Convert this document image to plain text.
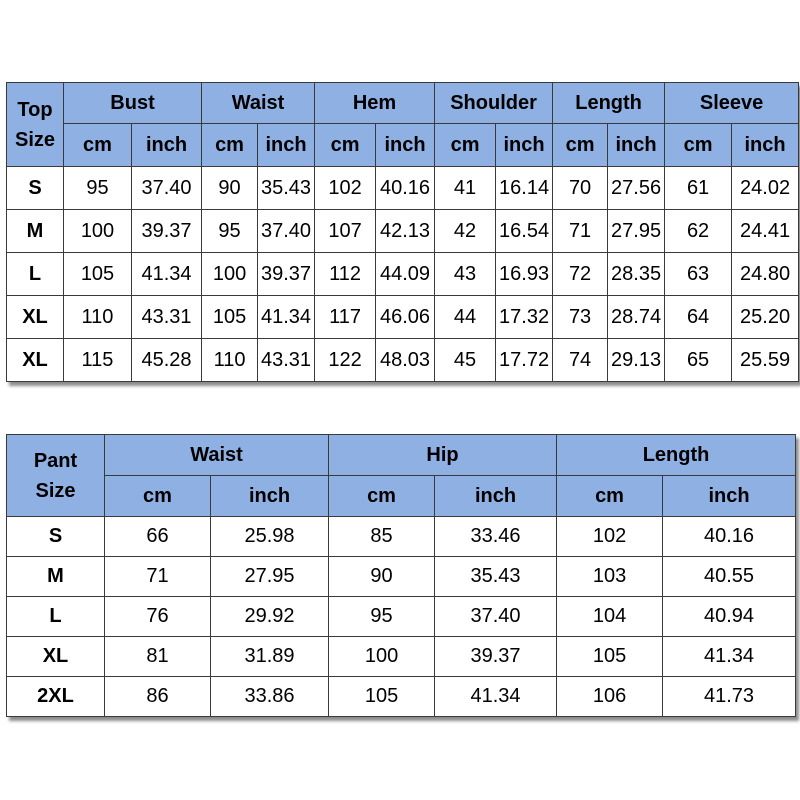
Top
Size	Bust		Waist		Hem		Shoulder		Length		Sleeve	
	cm	inch	cm	inch	cm	inch	cm	inch	cm	inch	cm	inch
S	95	37.40	90	35.43	102	40.16	41	16.14	70	27.56	61	24.02
M	100	39.37	95	37.40	107	42.13	42	16.54	71	27.95	62	24.41
L	105	41.34	100	39.37	112	44.09	43	16.93	72	28.35	63	24.80
XL	110	43.31	105	41.34	117	46.06	44	17.32	73	28.74	64	25.20
XL	115	45.28	110	43.31	122	48.03	45	17.72	74	29.13	65	25.59
Pant
Size	Waist		Hip		Length	
	cm	inch	cm	inch	cm	inch
S	66	25.98	85	33.46	102	40.16
M	71	27.95	90	35.43	103	40.55
L	76	29.92	95	37.40	104	40.94
XL	81	31.89	100	39.37	105	41.34
2XL	86	33.86	105	41.34	106	41.73
